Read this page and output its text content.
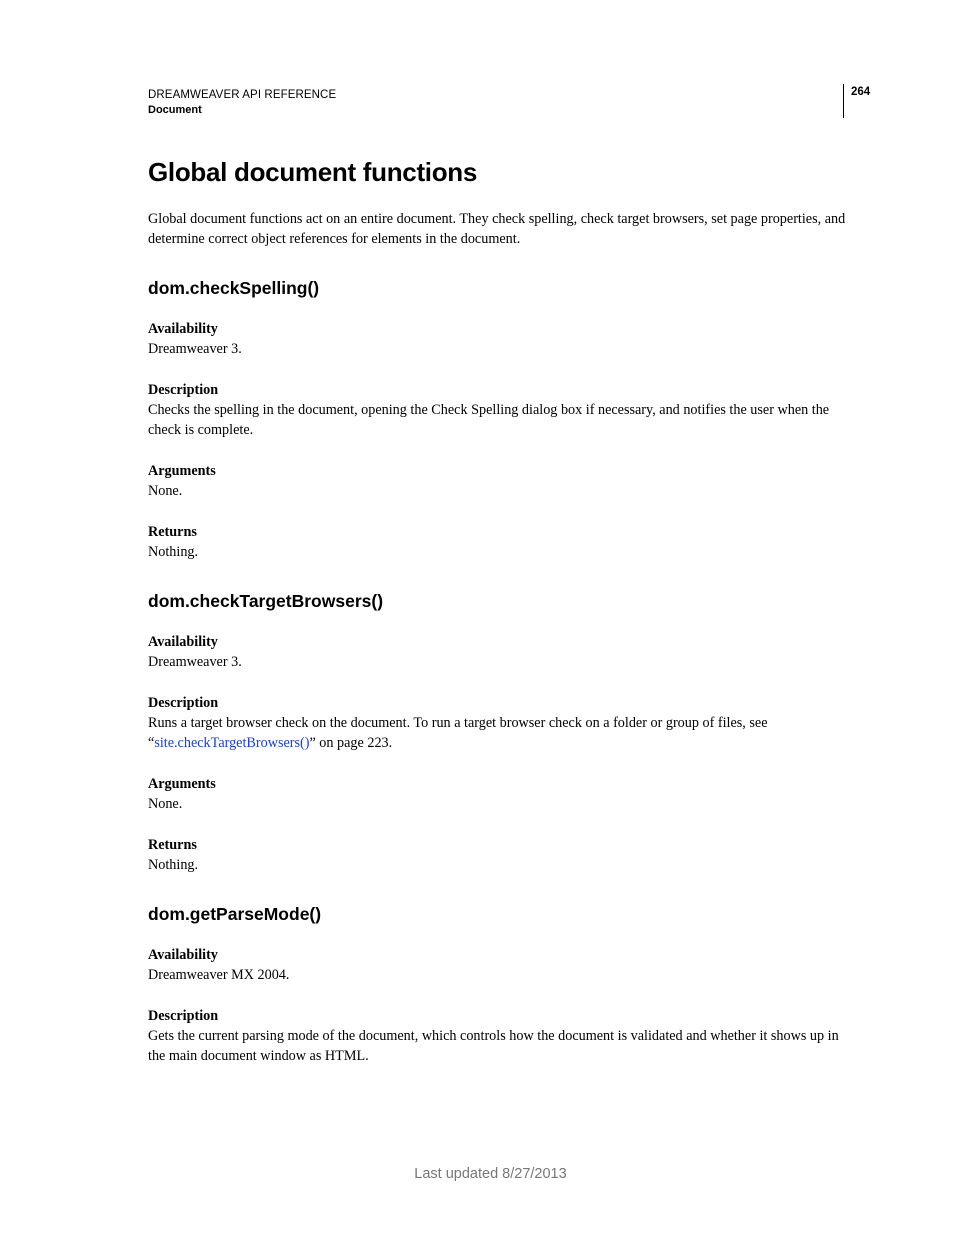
DREAMWEAVER API REFERENCE
Document
264
Global document functions

Global document functions act on an entire document. They check spelling, check target browsers, set page properties, and determine correct object references for elements in the document.

dom.checkSpelling()
Availability
Dreamweaver 3.
Description
Checks the spelling in the document, opening the Check Spelling dialog box if necessary, and notifies the user when the check is complete.
Arguments
None.
Returns
Nothing.
dom.checkTargetBrowsers()
Availability
Dreamweaver 3.
Description
Runs a target browser check on the document. To run a target browser check on a folder or group of files, see “site.checkTargetBrowsers()” on page 223.
Arguments
None.
Returns
Nothing.
dom.getParseMode()
Availability
Dreamweaver MX 2004.
Description
Gets the current parsing mode of the document, which controls how the document is validated and whether it shows up in the main document window as HTML.
Last updated 8/27/2013
